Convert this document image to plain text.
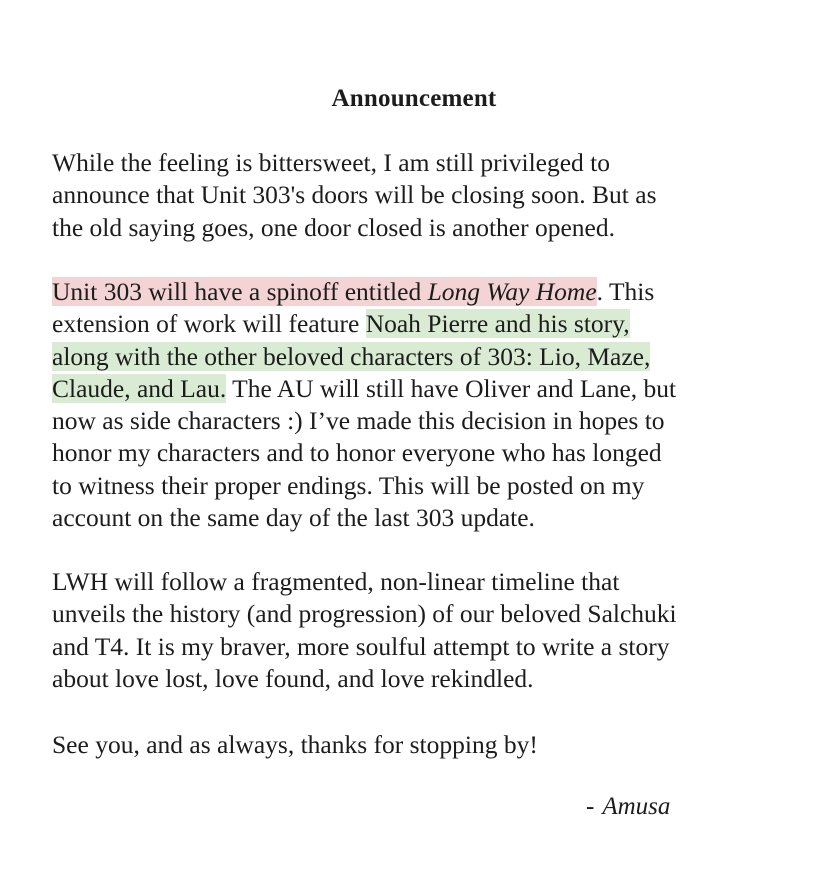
Announcement

While the feeling is bittersweet, I am still privileged to
announce that Unit 303's doors will be closing soon. But as
the old saying goes, one door closed is another opened.

Unit 303 will have a spinoff entitled Long Way Home. This
extension of work will feature Noah Pierre and his story,
along with the other beloved characters of 303: Lio, Maze,
Claude, and Lau. The AU will still have Oliver and Lane, but
now as side characters :) I’ve made this decision in hopes to
honor my characters and to honor everyone who has longed
to witness their proper endings. This will be posted on my
account on the same day of the last 303 update.

LWH will follow a fragmented, non-linear timeline that
unveils the history (and progression) of our beloved Salchuki
and T4. It is my braver, more soulful attempt to write a story
about love lost, love found, and love rekindled.

See you, and as always, thanks for stopping by!

- Amusa
